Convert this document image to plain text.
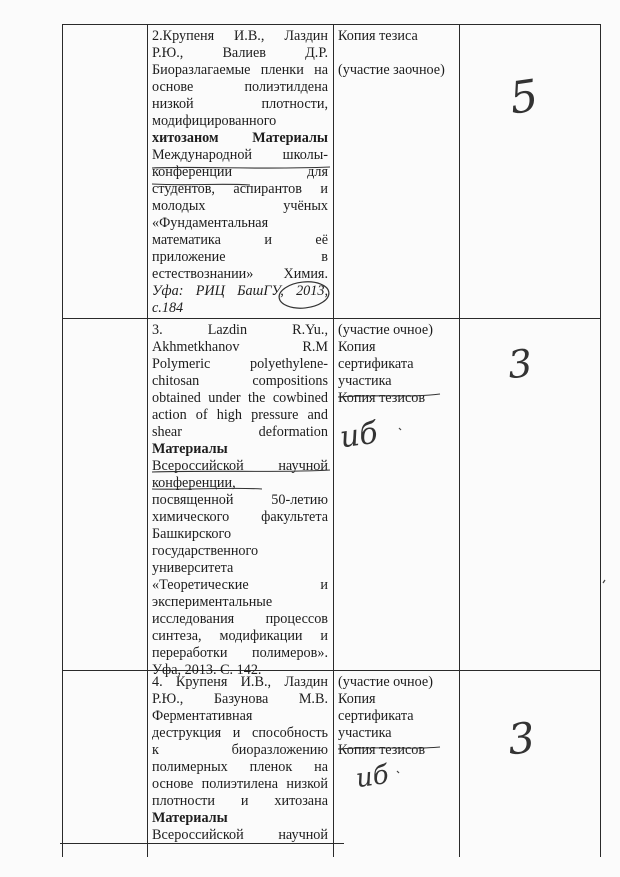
2.Крупеня И.В., Лаздин
Р.Ю., Валиев Д.Р.
Биоразлагаемые пленки на
основе полиэтилдена
низкой плотности,
модифицированного
хитозаном Материалы
Международной школы-
конференции для
студентов, аспирантов и
молодых учёных
«Фундаментальная
математика и её
приложение в
естествознании» Химия.
Уфа: РИЦ БашГУ, 2013,
с.184
Копия тезиса

(участие заочное)
3. Lazdin R.Yu.,
Akhmetkhanov R.M
Polymeric polyethylene-
chitosan compositions
obtained under the cowbined
action of high pressure and
shear deformation
Материалы
Всероссийской научной
конференции,
посвященной 50-летию
химического факультета
Башкирского
государственного
университета
«Теоретические и
экспериментальные
исследования процессов
синтеза, модификации и
переработки полимеров».
Уфа, 2013. С. 142.
(участие очное)
Копия
сертификата
участика
Копия тезисов
4. Крупеня И.В., Лаздин
Р.Ю., Базунова М.В.
Ферментативная
деструкция и способность
к биоразложению
полимерных пленок на
основе полиэтилена низкой
плотности и хитозана
Материалы
Всероссийской научной
(участие очное)
Копия
сертификата
участика
Копия тезисов
5
3
3
иб
иб
